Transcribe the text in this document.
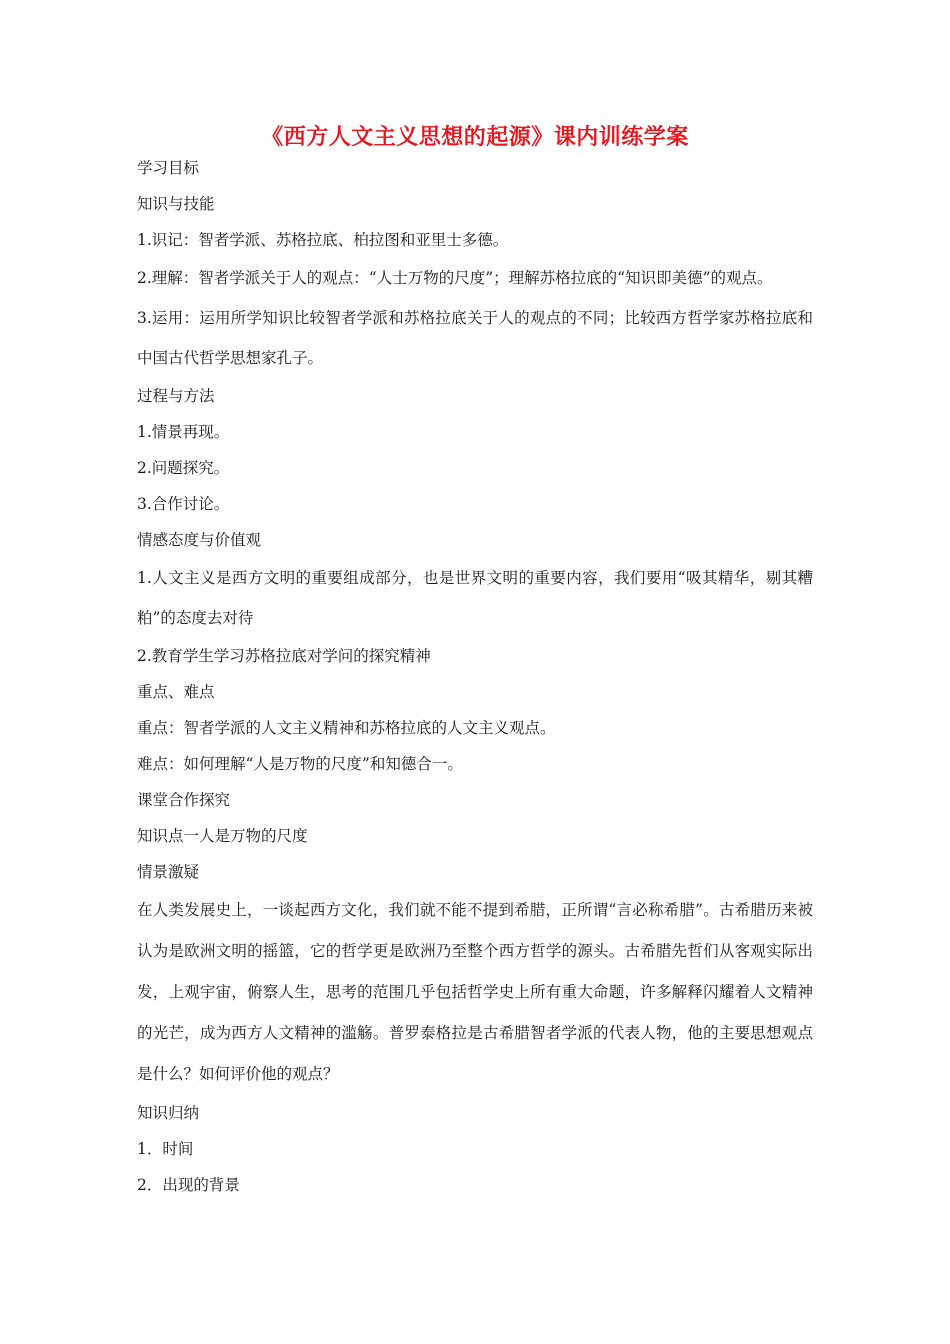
《西方人文主义思想的起源》课内训练学案

学习目标

知识与技能

1.识记：智者学派、苏格拉底、柏拉图和亚里士多德。

2.理解：智者学派关于人的观点：“人士万物的尺度”；理解苏格拉底的“知识即美德”的观点。

3.运用：运用所学知识比较智者学派和苏格拉底关于人的观点的不同；比较西方哲学家苏格拉底和中国古代哲学思想家孔子。

过程与方法

1.情景再现。

2.问题探究。

3.合作讨论。

情感态度与价值观

1.人文主义是西方文明的重要组成部分，也是世界文明的重要内容，我们要用“吸其精华，剔其糟粕”的态度去对待

2.教育学生学习苏格拉底对学问的探究精神

重点、难点

重点：智者学派的人文主义精神和苏格拉底的人文主义观点。

难点：如何理解“人是万物的尺度”和知德合一。

课堂合作探究

知识点一人是万物的尺度

情景激疑

在人类发展史上，一谈起西方文化，我们就不能不提到希腊，正所谓“言必称希腊”。古希腊历来被认为是欧洲文明的摇篮，它的哲学更是欧洲乃至整个西方哲学的源头。古希腊先哲们从客观实际出发，上观宇宙，俯察人生，思考的范围几乎包括哲学史上所有重大命题，许多解释闪耀着人文精神的光芒，成为西方人文精神的滥觞。普罗泰格拉是古希腊智者学派的代表人物，他的主要思想观点是什么？如何评价他的观点？

知识归纳

1．时间

2．出现的背景
